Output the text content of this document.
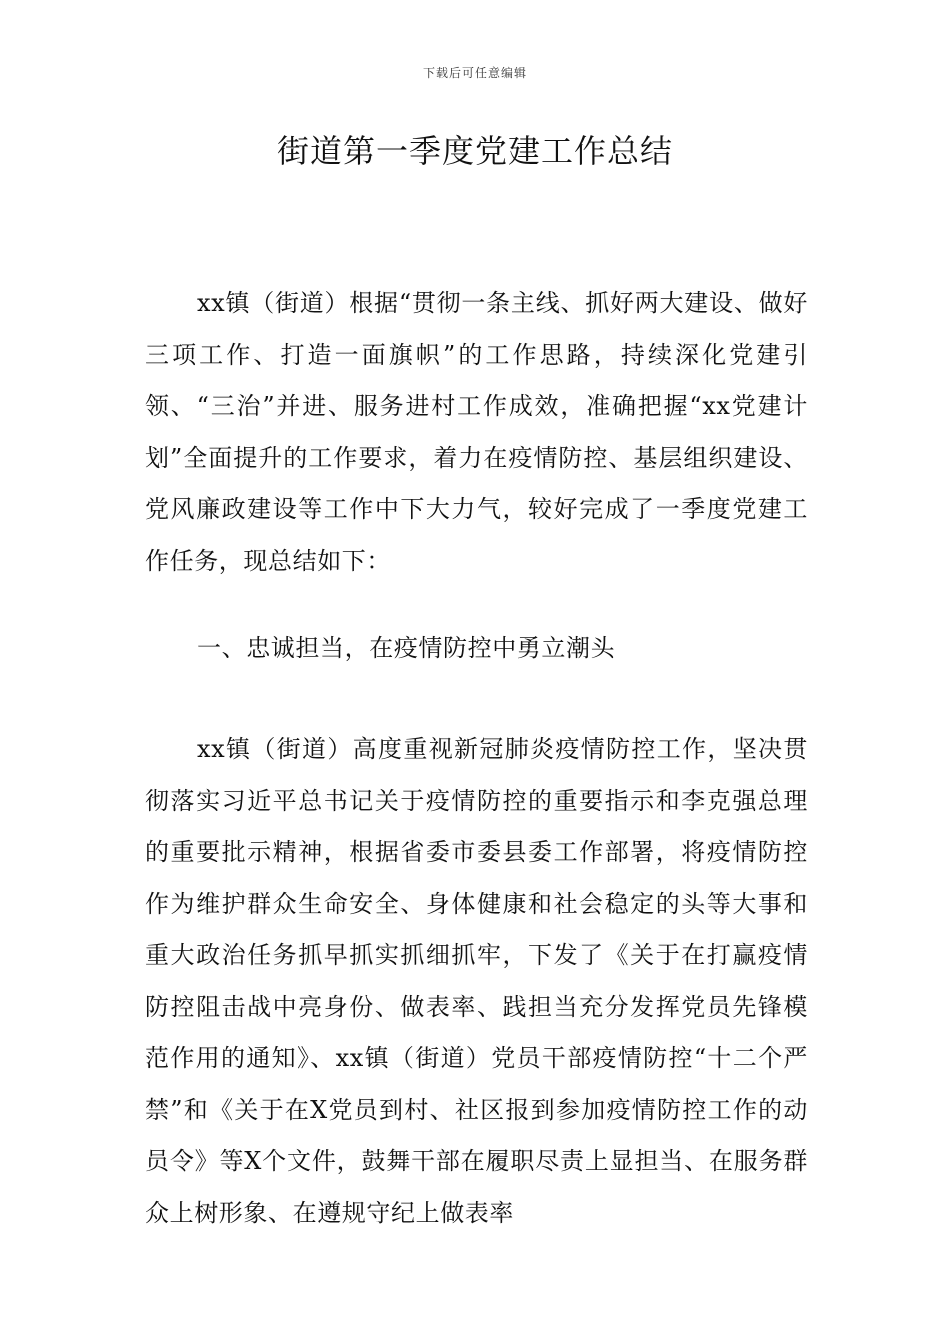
下载后可任意编辑
街道第一季度党建工作总结
xx镇（街道）根据“贯彻一条主线、抓好两大建设、做好三项工作、打造一面旗帜”的工作思路，持续深化党建引领、“三治”并进、服务进村工作成效，准确把握“xx党建计划”全面提升的工作要求，着力在疫情防控、基层组织建设、党风廉政建设等工作中下大力气，较好完成了一季度党建工作任务，现总结如下：
一、忠诚担当，在疫情防控中勇立潮头
xx镇（街道）高度重视新冠肺炎疫情防控工作，坚决贯彻落实习近平总书记关于疫情防控的重要指示和李克强总理的重要批示精神，根据省委市委县委工作部署，将疫情防控作为维护群众生命安全、身体健康和社会稳定的头等大事和重大政治任务抓早抓实抓细抓牢，下发了《关于在打赢疫情防控阻击战中亮身份、做表率、践担当充分发挥党员先锋模范作用的通知》、xx镇（街道）党员干部疫情防控“十二个严禁”和《关于在X党员到村、社区报到参加疫情防控工作的动员令》等X个文件，鼓舞干部在履职尽责上显担当、在服务群众上树形象、在遵规守纪上做表率
